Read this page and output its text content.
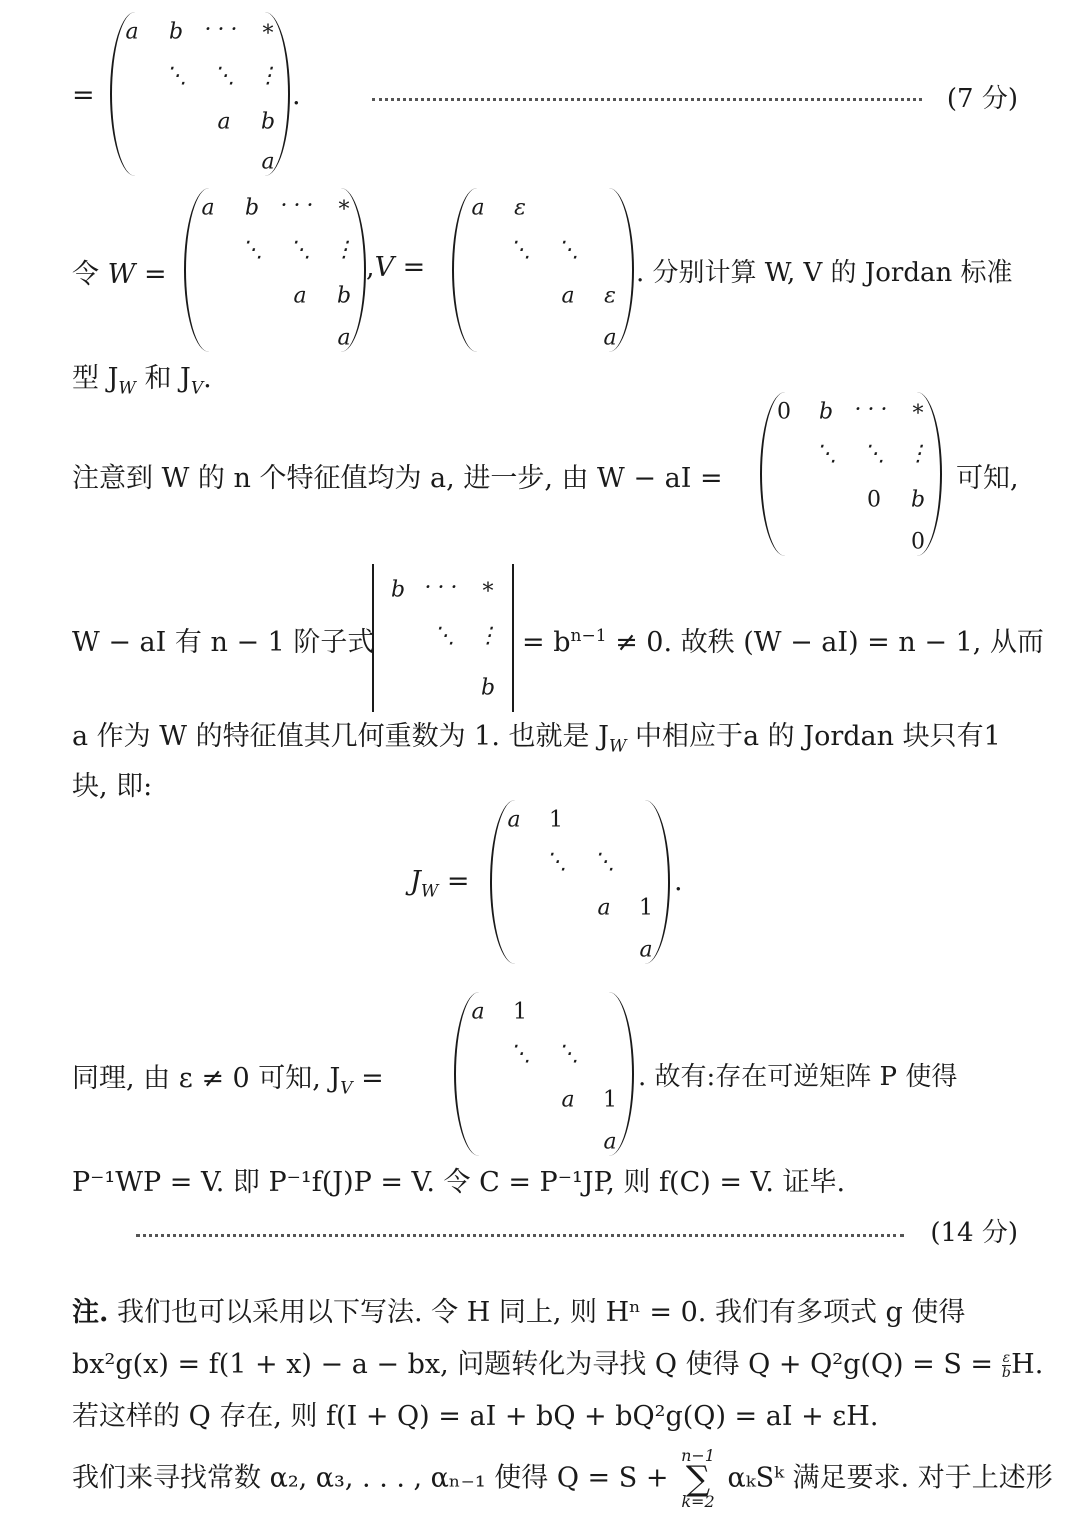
=
a b ··· *
⋱ ⋱ ⋮
a b
a
.	(7 分)
令 W =
a b ··· *
⋱ ⋱ ⋮
a b
a
,V =
a ε
⋱ ⋱
a ε
a
. 分别计算 W, V 的 Jordan 标准
型 $J_W$ 和 $J_V$.
注意到 W 的 n 个特征值均为 a, 进一步, 由 W − aI =
0 b ··· *
⋱ ⋱ ⋮
0 b
0
可知,
W − aI 有 n − 1 阶子式
b ··· *
⋱ ⋮
b
= $b^{n-1} \ne 0$. 故秩 (W − aI) = n − 1, 从而
a 作为 W 的特征值其几何重数为 1. 也就是 $J_W$ 中相应于a 的 Jordan 块只有1
块, 即:
$J_W$ =
a 1
⋱ ⋱
a 1
a
.
同理, 由 ε ≠ 0 可知, $J_V$ =
a 1
⋱ ⋱
a 1
a
. 故有:存在可逆矩阵 P 使得
P⁻¹WP = V. 即 P⁻¹f(J)P = V. 令 C = P⁻¹JP, 则 f(C) = V. 证毕.
(14 分)
注. 我们也可以采用以下写法. 令 H 同上, 则 Hⁿ = 0. 我们有多项式 g 使得
bx²g(x) = f(1 + x) − a − bx, 问题转化为寻找 Q 使得 $Q + Q^2g(Q) = S = \frac{\varepsilon}{b} H$.
若这样的 Q 存在, 则 f(I + Q) = aI + bQ + bQ²g(Q) = aI + εH.
我们来寻找常数 α₂, α₃, . . . , αₙ₋₁ 使得 Q = S +
n−1
∑
k=2
αₖSᵏ 满足要求. 对于上述形
